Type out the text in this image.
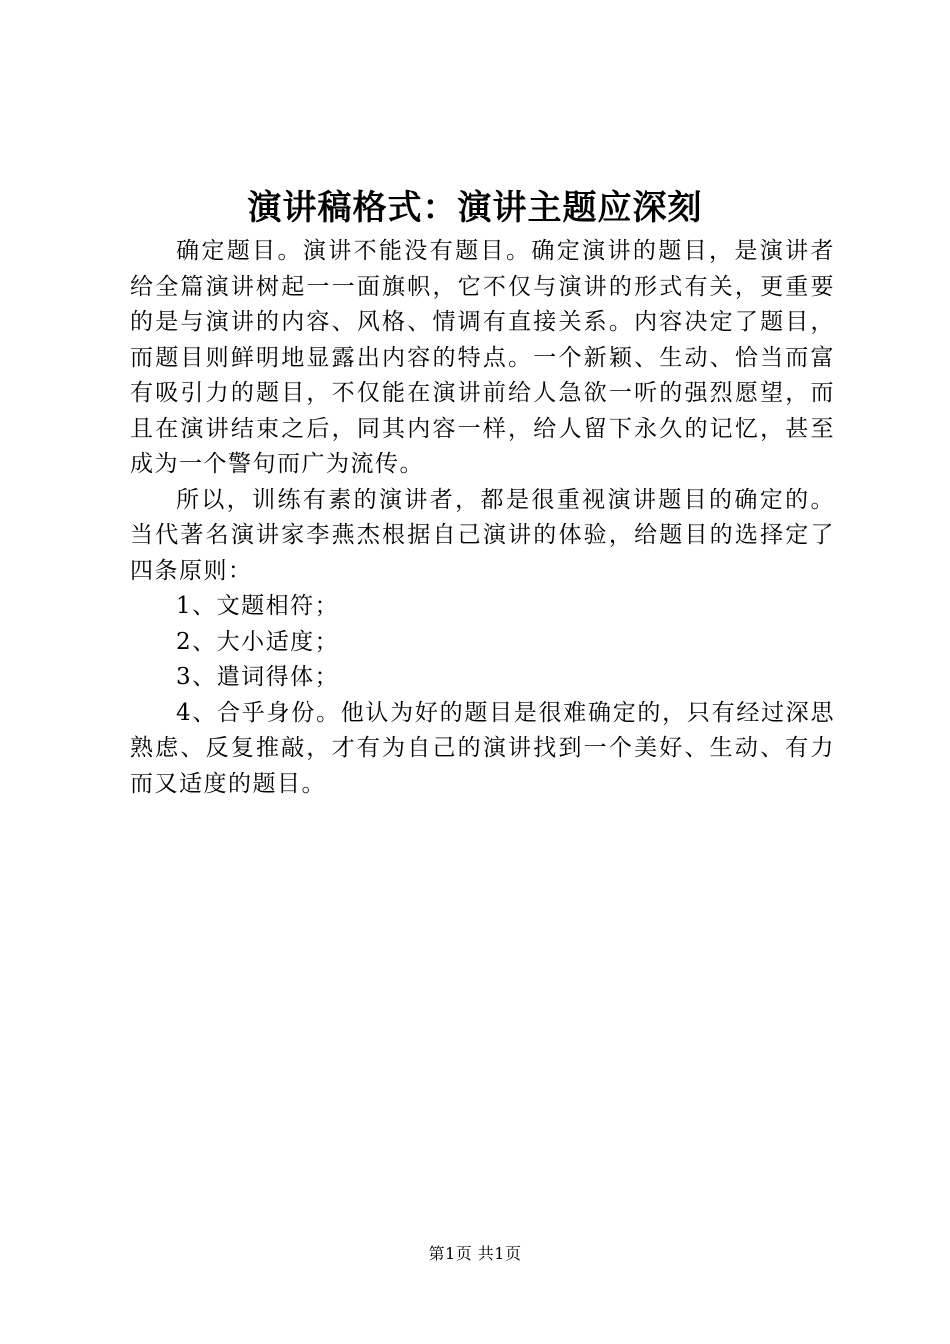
演讲稿格式：演讲主题应深刻

确定题目。演讲不能没有题目。确定演讲的题目，是演讲者给全篇演讲树起一一面旗帜，它不仅与演讲的形式有关，更重要的是与演讲的内容、风格、情调有直接关系。内容决定了题目，而题目则鲜明地显露出内容的特点。一个新颖、生动、恰当而富有吸引力的题目，不仅能在演讲前给人急欲一听的强烈愿望，而且在演讲结束之后，同其内容一样，给人留下永久的记忆，甚至成为一个警句而广为流传。

所以，训练有素的演讲者，都是很重视演讲题目的确定的。当代著名演讲家李燕杰根据自己演讲的体验，给题目的选择定了四条原则：

1、文题相符；

2、大小适度；

3、遣词得体；

4、合乎身份。他认为好的题目是很难确定的，只有经过深思熟虑、反复推敲，才有为自己的演讲找到一个美好、生动、有力而又适度的题目。

第1页 共1页
